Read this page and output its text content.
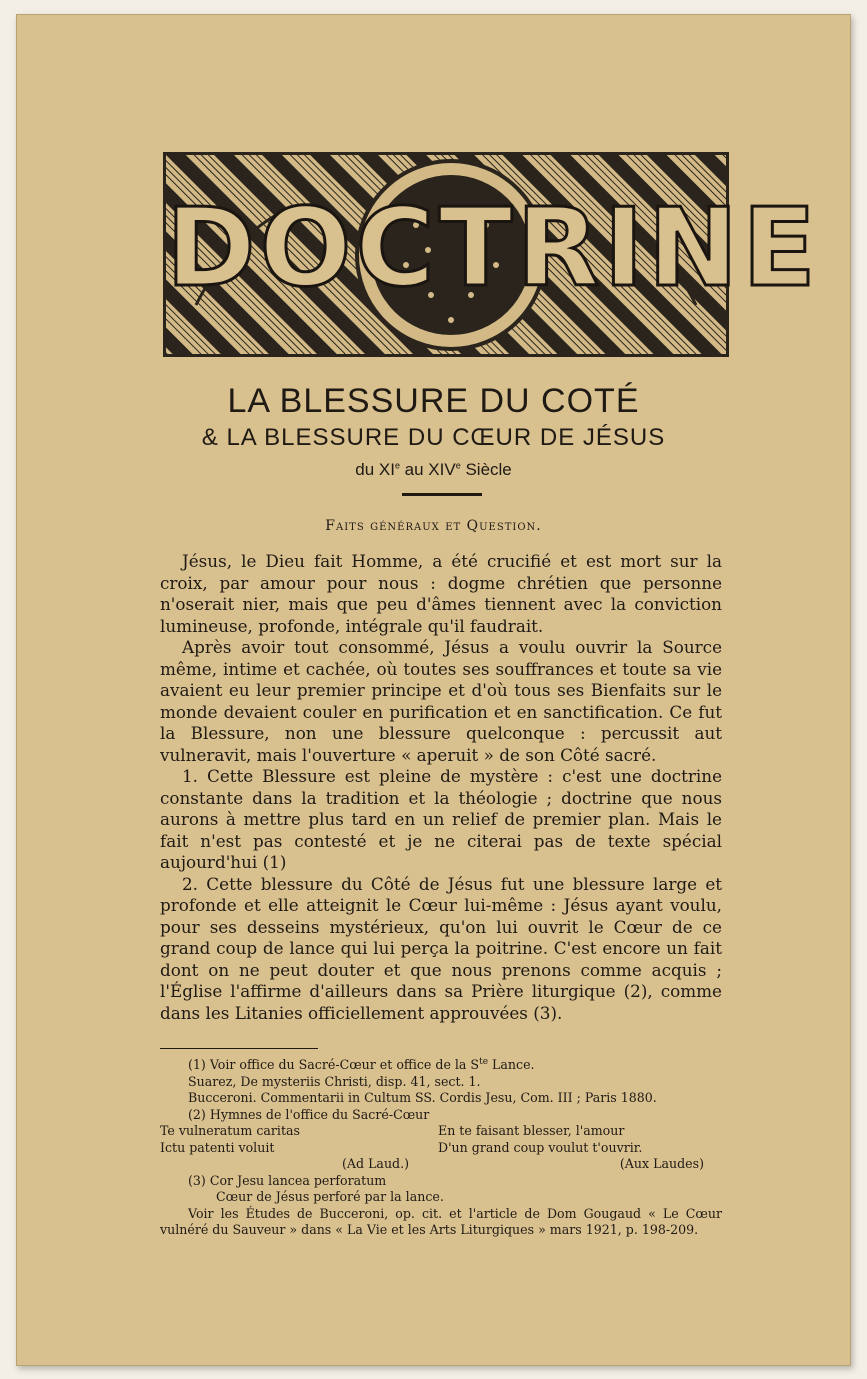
DOCTRINE
LA BLESSURE DU COTÉ
& LA BLESSURE DU CŒUR DE JÉSUS
du XIe au XIVe Siècle
Faits généraux et Question.

Jésus, le Dieu fait Homme, a été crucifié et est mort sur la croix, par amour pour nous : dogme chrétien que personne n'oserait nier, mais que peu d'âmes tiennent avec la conviction lumineuse, profonde, intégrale qu'il faudrait.

Après avoir tout consommé, Jésus a voulu ouvrir la Source même, intime et cachée, où toutes ses souffrances et toute sa vie avaient eu leur premier principe et d'où tous ses Bienfaits sur le monde devaient couler en purification et en sanctification. Ce fut la Blessure, non une blessure quelconque : percussit aut vulneravit, mais l'ouverture « aperuit » de son Côté sacré.

1. Cette Blessure est pleine de mystère : c'est une doctrine constante dans la tradition et la théologie ; doctrine que nous aurons à mettre plus tard en un relief de premier plan. Mais le fait n'est pas contesté et je ne citerai pas de texte spécial aujourd'hui (1)

2. Cette blessure du Côté de Jésus fut une blessure large et profonde et elle atteignit le Cœur lui-même : Jésus ayant voulu, pour ses desseins mystérieux, qu'on lui ouvrit le Cœur de ce grand coup de lance qui lui perça la poitrine. C'est encore un fait dont on ne peut douter et que nous prenons comme acquis ; l'Église l'affirme d'ailleurs dans sa Prière liturgique (2), comme dans les Litanies officiellement approuvées (3).

(1) Voir office du Sacré-Cœur et office de la $S^{te}$ Lance.
Suarez, De mysteriis Christi, disp. 41, sect. 1.
Bucceroni. Commentarii in Cultum SS. Cordis Jesu, Com. III ; Paris 1880.
(2) Hymnes de l'office du Sacré-Cœur
Te vulneratum caritas	En te faisant blesser, l'amour
Ictu patenti voluit	D'un grand coup voulut t'ouvrir.
(Ad Laud.)	(Aux Laudes)
(3) Cor Jesu lancea perforatum
Cœur de Jésus perforé par la lance.
Voir les Études de Bucceroni, op. cit. et l'article de Dom Gougaud « Le Cœur vulnéré du Sauveur » dans « La Vie et les Arts Liturgiques » mars 1921, p. 198-209.
